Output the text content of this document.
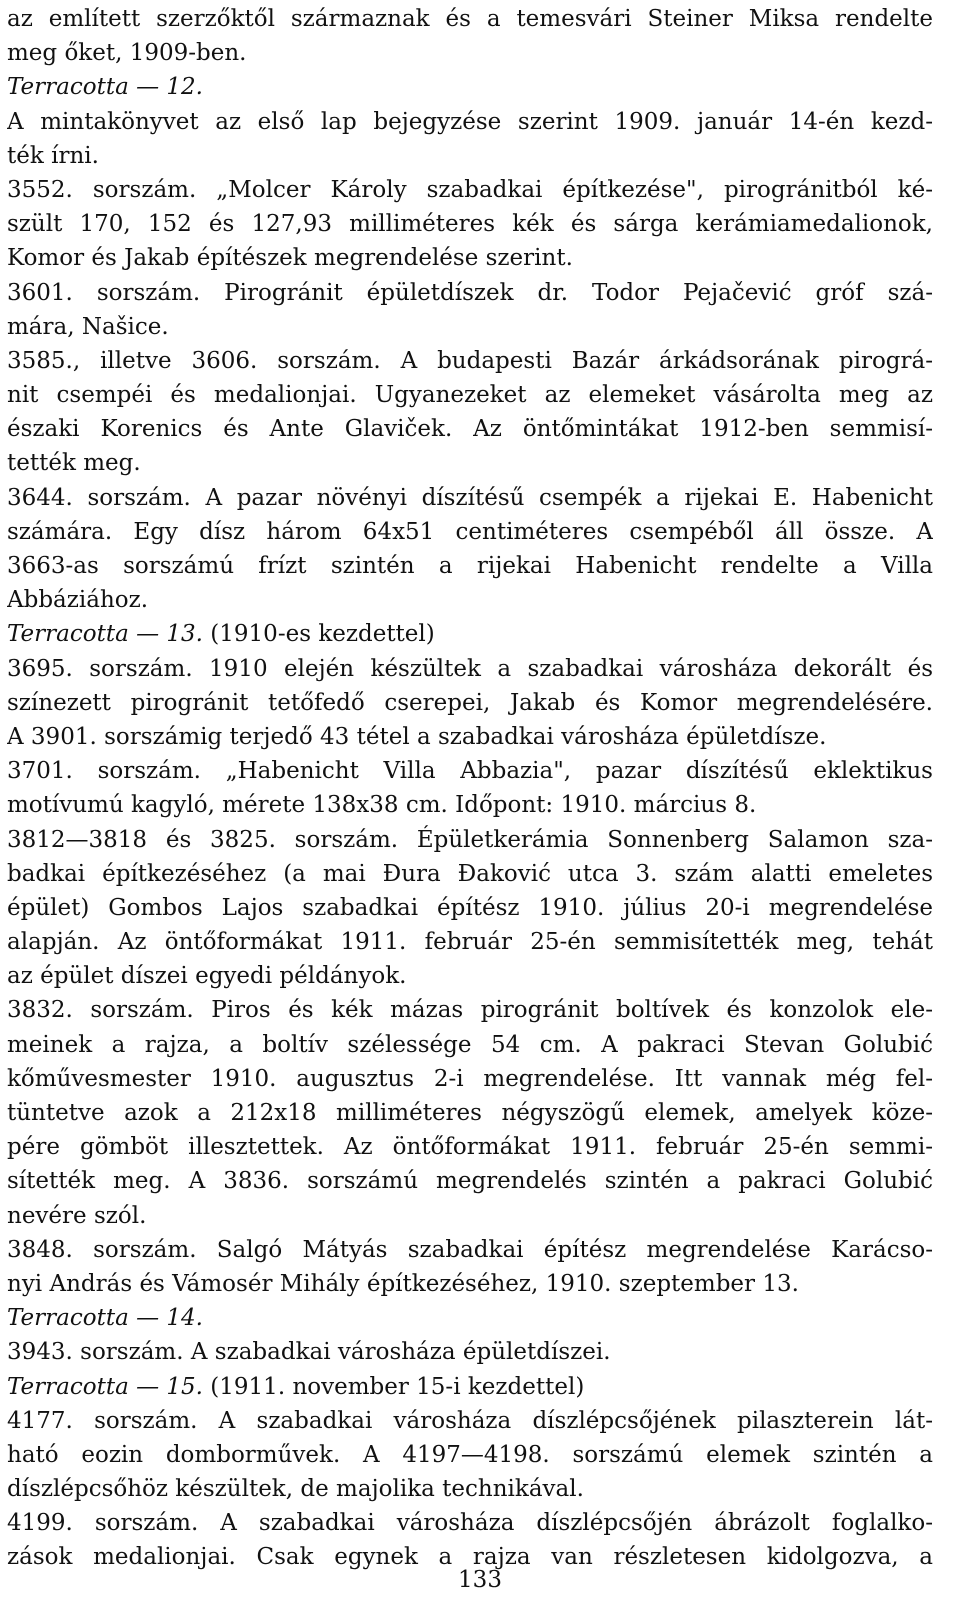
az említett szerzőktől származnak és a temesvári Steiner Miksa rendelte
meg őket, 1909-ben.
Terracotta — 12.
A mintakönyvet az első lap bejegyzése szerint 1909. január 14-én kezd-
ték írni.
3552. sorszám. „Molcer Károly szabadkai építkezése", pirogránitból ké-
szült 170, 152 és 127,93 milliméteres kék és sárga kerámiamedalionok,
Komor és Jakab építészek megrendelése szerint.
3601. sorszám. Pirogránit épületdíszek dr. Todor Pejačević gróf szá-
mára, Našice.
3585., illetve 3606. sorszám. A budapesti Bazár árkádsorának pirográ-
nit csempéi és medalionjai. Ugyanezeket az elemeket vásárolta meg az
északi Korenics és Ante Glaviček. Az öntőmintákat 1912-ben semmisí-
tették meg.
3644. sorszám. A pazar növényi díszítésű csempék a rijekai E. Habenicht
számára. Egy dísz három 64x51 centiméteres csempéből áll össze. A
3663-as sorszámú frízt szintén a rijekai Habenicht rendelte a Villa
Abbáziához.
Terracotta — 13. (1910-es kezdettel)
3695. sorszám. 1910 elején készültek a szabadkai városháza dekorált és
színezett pirogránit tetőfedő cserepei, Jakab és Komor megrendelésére.
A 3901. sorszámig terjedő 43 tétel a szabadkai városháza épületdísze.
3701. sorszám. „Habenicht Villa Abbazia", pazar díszítésű eklektikus
motívumú kagyló, mérete 138x38 cm. Időpont: 1910. március 8.
3812—3818 és 3825. sorszám. Épületkerámia Sonnenberg Salamon sza-
badkai építkezéséhez (a mai Đura Đaković utca 3. szám alatti emeletes
épület) Gombos Lajos szabadkai építész 1910. július 20-i megrendelése
alapján. Az öntőformákat 1911. február 25-én semmisítették meg, tehát
az épület díszei egyedi példányok.
3832. sorszám. Piros és kék mázas pirogránit boltívek és konzolok ele-
meinek a rajza, a boltív szélessége 54 cm. A pakraci Stevan Golubić
kőművesmester 1910. augusztus 2-i megrendelése. Itt vannak még fel-
tüntetve azok a 212x18 milliméteres négyszögű elemek, amelyek köze-
pére gömböt illesztettek. Az öntőformákat 1911. február 25-én semmi-
sítették meg. A 3836. sorszámú megrendelés szintén a pakraci Golubić
nevére szól.
3848. sorszám. Salgó Mátyás szabadkai építész megrendelése Karácso-
nyi András és Vámosér Mihály építkezéséhez, 1910. szeptember 13.
Terracotta — 14.
3943. sorszám. A szabadkai városháza épületdíszei.
Terracotta — 15. (1911. november 15-i kezdettel)
4177. sorszám. A szabadkai városháza díszlépcsőjének pilaszterein lát-
ható eozin domborművek. A 4197—4198. sorszámú elemek szintén a
díszlépcsőhöz készültek, de majolika technikával.
4199. sorszám. A szabadkai városháza díszlépcsőjén ábrázolt foglalko-
zások medalionjai. Csak egynek a rajza van részletesen kidolgozva, a
133
